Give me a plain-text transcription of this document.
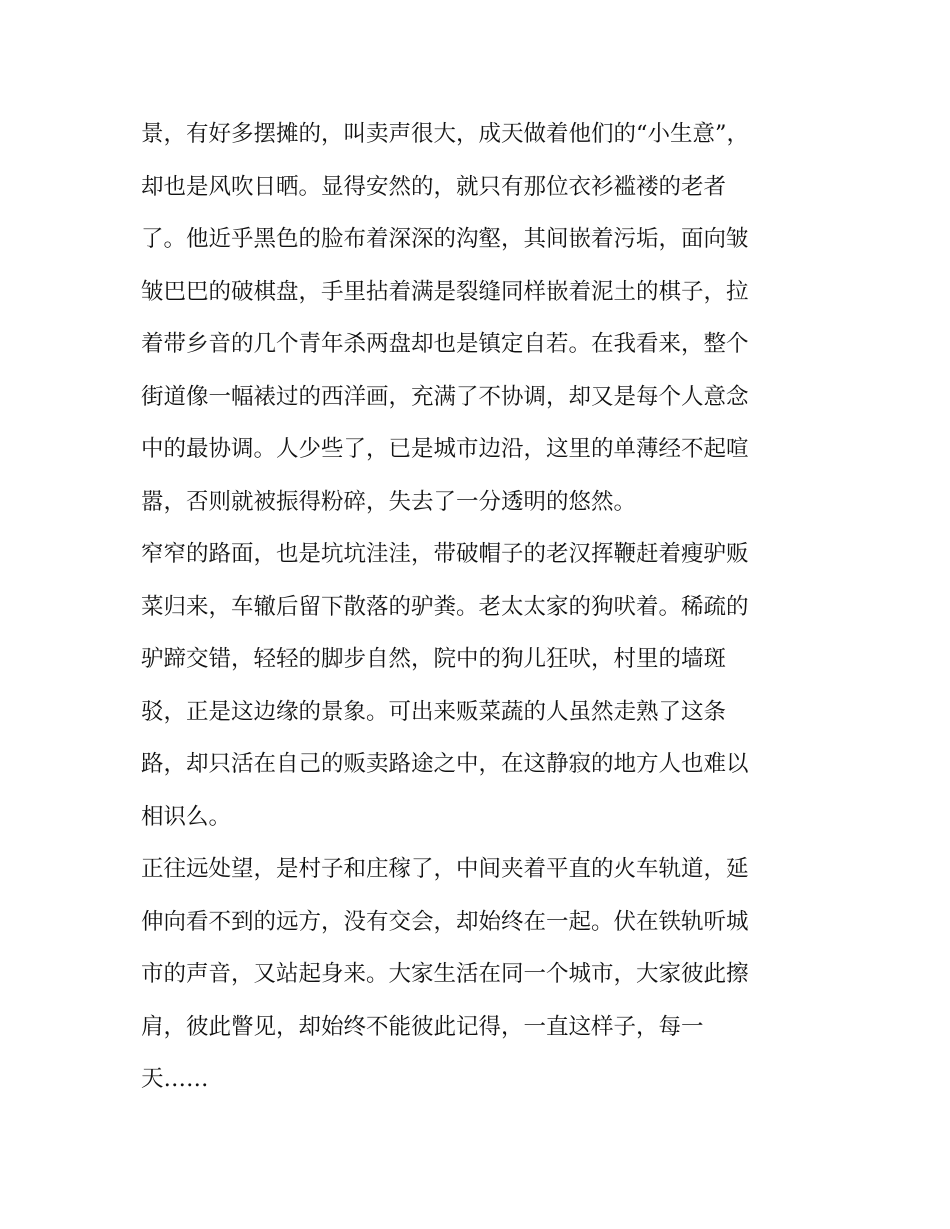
景，有好多摆摊的，叫卖声很大，成天做着他们的“小生意”，
却也是风吹日晒。显得安然的，就只有那位衣衫褴褛的老者
了。他近乎黑色的脸布着深深的沟壑，其间嵌着污垢，面向皱
皱巴巴的破棋盘，手里拈着满是裂缝同样嵌着泥土的棋子，拉
着带乡音的几个青年杀两盘却也是镇定自若。在我看来，整个
街道像一幅裱过的西洋画，充满了不协调，却又是每个人意念
中的最协调。人少些了，已是城市边沿，这里的单薄经不起喧
嚣，否则就被振得粉碎，失去了一分透明的悠然。
窄窄的路面，也是坑坑洼洼，带破帽子的老汉挥鞭赶着瘦驴贩
菜归来，车辙后留下散落的驴粪。老太太家的狗吠着。稀疏的
驴蹄交错，轻轻的脚步自然，院中的狗儿狂吠，村里的墙斑
驳，正是这边缘的景象。可出来贩菜蔬的人虽然走熟了这条
路，却只活在自己的贩卖路途之中，在这静寂的地方人也难以
相识么。
正往远处望，是村子和庄稼了，中间夹着平直的火车轨道，延
伸向看不到的远方，没有交会，却始终在一起。伏在铁轨听城
市的声音，又站起身来。大家生活在同一个城市，大家彼此擦
肩，彼此瞥见，却始终不能彼此记得，一直这样子，每一
天……
